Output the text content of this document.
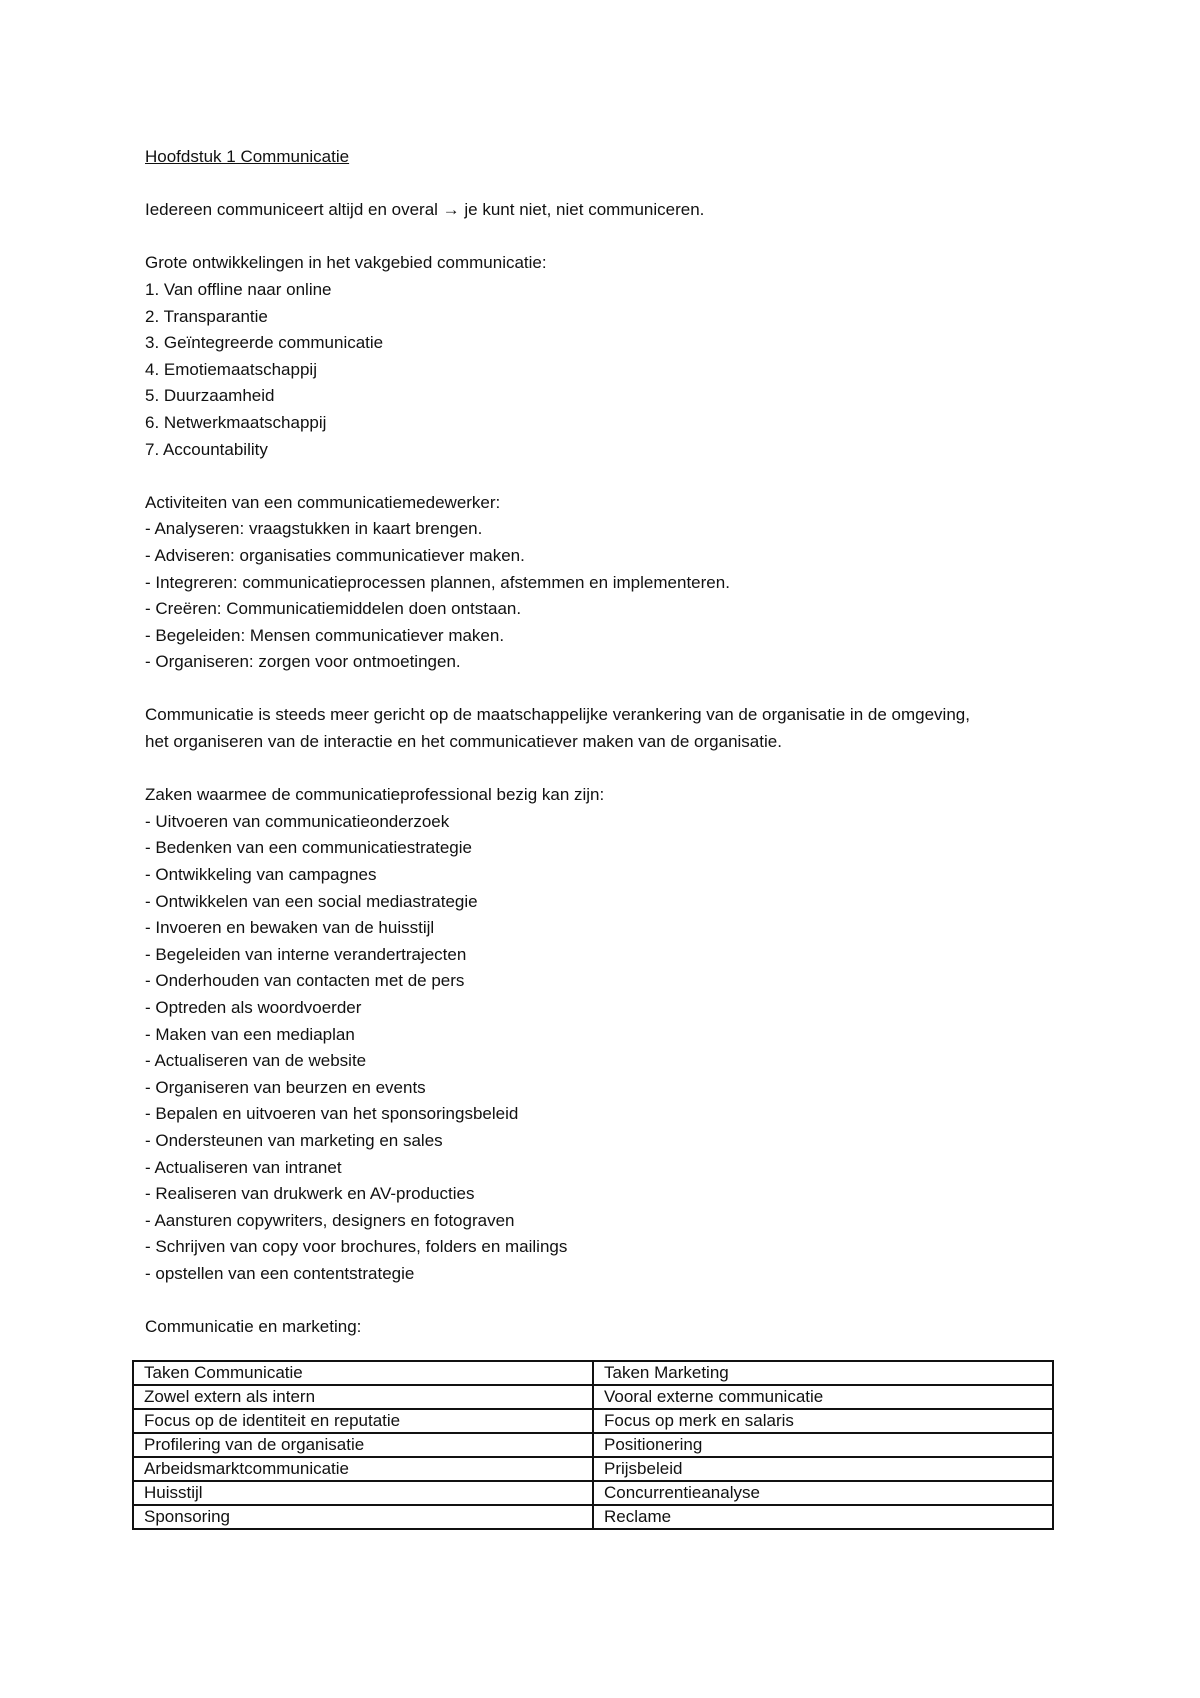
Hoofdstuk 1 Communicatie
Iedereen communiceert altijd en overal → je kunt niet, niet communiceren.
Grote ontwikkelingen in het vakgebied communicatie:
1. Van offline naar online
2. Transparantie
3. Geïntegreerde communicatie
4. Emotiemaatschappij
5. Duurzaamheid
6. Netwerkmaatschappij
7. Accountability
Activiteiten van een communicatiemedewerker:
- Analyseren: vraagstukken in kaart brengen.
- Adviseren: organisaties communicatiever maken.
- Integreren: communicatieprocessen plannen, afstemmen en implementeren.
- Creëren: Communicatiemiddelen doen ontstaan.
- Begeleiden: Mensen communicatiever maken.
- Organiseren: zorgen voor ontmoetingen.
Communicatie is steeds meer gericht op de maatschappelijke verankering van de organisatie in de omgeving,
het organiseren van de interactie en het communicatiever maken van de organisatie.
Zaken waarmee de communicatieprofessional bezig kan zijn:
- Uitvoeren van communicatieonderzoek
- Bedenken van een communicatiestrategie
- Ontwikkeling van campagnes
- Ontwikkelen van een social mediastrategie
- Invoeren en bewaken van de huisstijl
- Begeleiden van interne verandertrajecten
- Onderhouden van contacten met de pers
- Optreden als woordvoerder
- Maken van een mediaplan
- Actualiseren van de website
- Organiseren van beurzen en events
- Bepalen en uitvoeren van het sponsoringsbeleid
- Ondersteunen van marketing en sales
- Actualiseren van intranet
- Realiseren van drukwerk en AV-producties
- Aansturen copywriters, designers en fotograven
- Schrijven van copy voor brochures, folders en mailings
- opstellen van een contentstrategie
Communicatie en marketing:
Taken Communicatie	Taken Marketing
Zowel extern als intern	Vooral externe communicatie
Focus op de identiteit en reputatie	Focus op merk en salaris
Profilering van de organisatie	Positionering
Arbeidsmarktcommunicatie	Prijsbeleid
Huisstijl	Concurrentieanalyse
Sponsoring	Reclame
